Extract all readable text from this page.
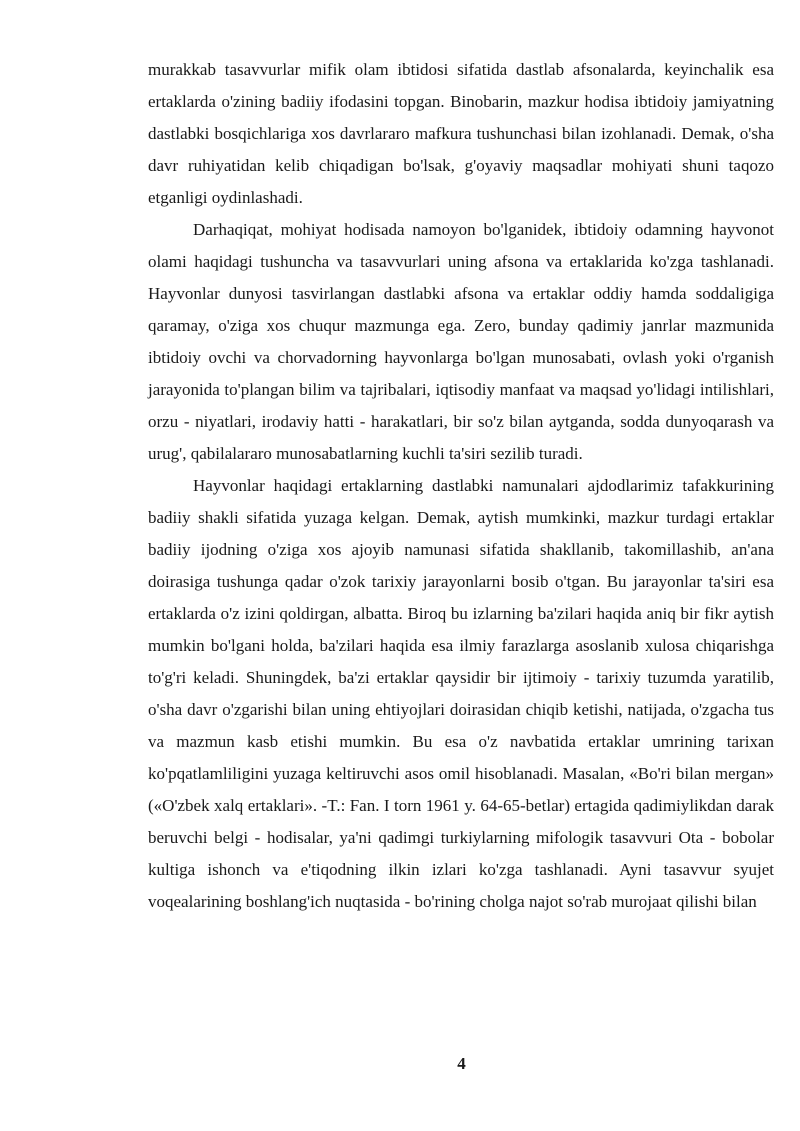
murakkab tasavvurlar mifik olam ibtidosi sifatida dastlab afsonalarda, keyinchalik esa ertaklarda o'zining badiiy ifodasini topgan. Binobarin, mazkur hodisa ibtidoiy jamiyatning dastlabki bosqichlariga xos davrlararo mafkura tushunchasi bilan izohlanadi. Demak, o'sha davr ruhiyatidan kelib chiqadigan bo'lsak, g'oyaviy maqsadlar mohiyati shuni taqozo etganligi oydinlashadi.

Darhaqiqat, mohiyat hodisada namoyon bo'lganidek, ibtidoiy odamning hayvonot olami haqidagi tushuncha va tasavvurlari uning afsona va ertaklarida ko'zga tashlanadi. Hayvonlar dunyosi tasvirlangan dastlabki afsona va ertaklar oddiy hamda soddaligiga qaramay, o'ziga xos chuqur mazmunga ega. Zero, bunday qadimiy janrlar mazmunida ibtidoiy ovchi va chorvadorning hayvonlarga bo'lgan munosabati, ovlash yoki o'rganish jarayonida to'plangan bilim va tajribalari, iqtisodiy manfaat va maqsad yo'lidagi intilishlari, orzu - niyatlari, irodaviy hatti - harakatlari, bir so'z bilan aytganda, sodda dunyoqarash va urug', qabilalararo munosabatlarning kuchli ta'siri sezilib turadi.

Hayvonlar haqidagi ertaklarning dastlabki namunalari ajdodlarimiz tafakkurining badiiy shakli sifatida yuzaga kelgan. Demak, aytish mumkinki, mazkur turdagi ertaklar badiiy ijodning o'ziga xos ajoyib namunasi sifatida shakllanib, takomillashib, an'ana doirasiga tushunga qadar o'zok tarixiy jarayonlarni bosib o'tgan. Bu jarayonlar ta'siri esa ertaklarda o'z izini qoldirgan, albatta. Biroq bu izlarning ba'zilari haqida aniq bir fikr aytish mumkin bo'lgani holda, ba'zilari haqida esa ilmiy farazlarga asoslanib xulosa chiqarishga to'g'ri keladi. Shuningdek, ba'zi ertaklar qaysidir bir ijtimoiy - tarixiy tuzumda yaratilib, o'sha davr o'zgarishi bilan uning ehtiyojlari doirasidan chiqib ketishi, natijada, o'zgacha tus va mazmun kasb etishi mumkin. Bu esa o'z navbatida ertaklar umrining tarixan ko'pqatlamliligini yuzaga keltiruvchi asos omil hisoblanadi. Masalan, «Bo'ri bilan mergan» («O'zbek xalq ertaklari». -T.: Fan. I torn 1961 y. 64-65-betlar) ertagida qadimiylikdan darak beruvchi belgi - hodisalar, ya'ni qadimgi turkiylarning mifologik tasavvuri Ota - bobolar kultiga ishonch va e'tiqodning ilkin izlari ko'zga tashlanadi. Ayni tasavvur syujet voqealarining boshlang'ich nuqtasida - bo'rining cholga najot so'rab murojaat qilishi bilan

4
